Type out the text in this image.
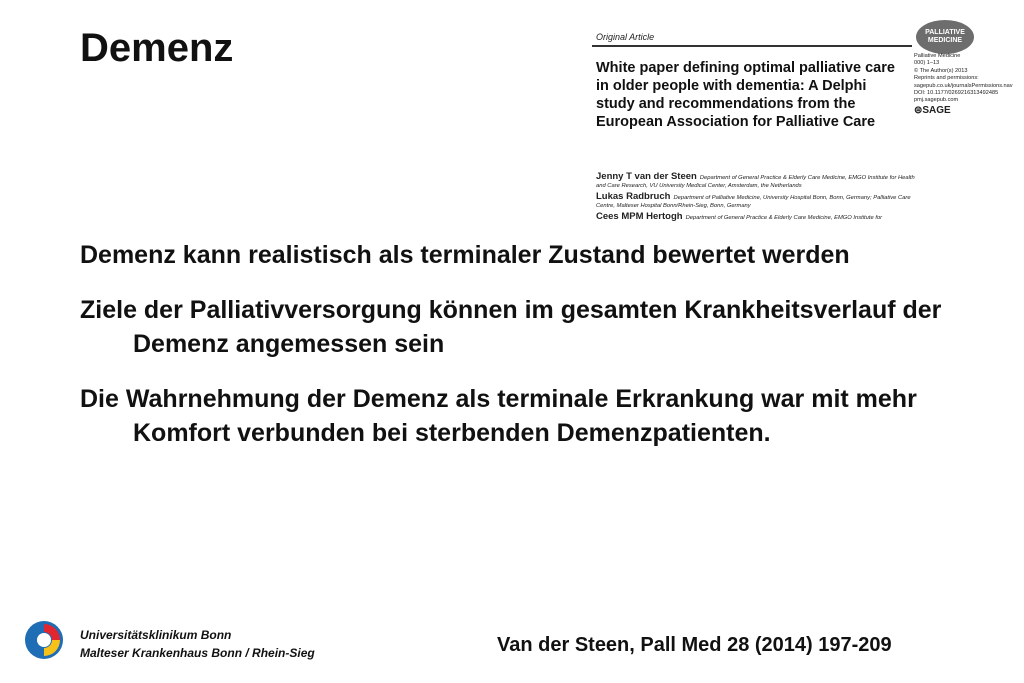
Demenz	Original Article
White paper defining optimal palliative care in older people with dementia: A Delphi study and recommendations from the European Association for Palliative Care
PALLIATIVE
MEDICINE
Palliative Medicine
000) 1–13
© The Author(s) 2013
Reprints and permissions:
sagepub.co.uk/journalsPermissions.nav
DOI: 10.1177/0269216313492485
pmj.sagepub.com
⊜SAGE
Jenny T van der Steen Department of General Practice & Elderly Care Medicine, EMGO Institute for Health and Care Research, VU University Medical Center, Amsterdam, the Netherlands
Lukas Radbruch Department of Palliative Medicine, University Hospital Bonn, Bonn, Germany; Palliative Care Centre, Malteser Hospital Bonn/Rhein-Sieg, Bonn, Germany
Cees MPM Hertogh Department of General Practice & Elderly Care Medicine, EMGO Institute for
Demenz kann realistisch als terminaler Zustand bewertet werden
Ziele der Palliativversorgung können im gesamten Krankheitsverlauf der Demenz angemessen sein
Die Wahrnehmung der Demenz als terminale Erkrankung war mit mehr Komfort verbunden bei sterbenden Demenzpatienten.
Universitätsklinikum Bonn
Malteser Krankenhaus Bonn / Rhein-Sieg	Van der Steen, Pall Med 28 (2014) 197-209
